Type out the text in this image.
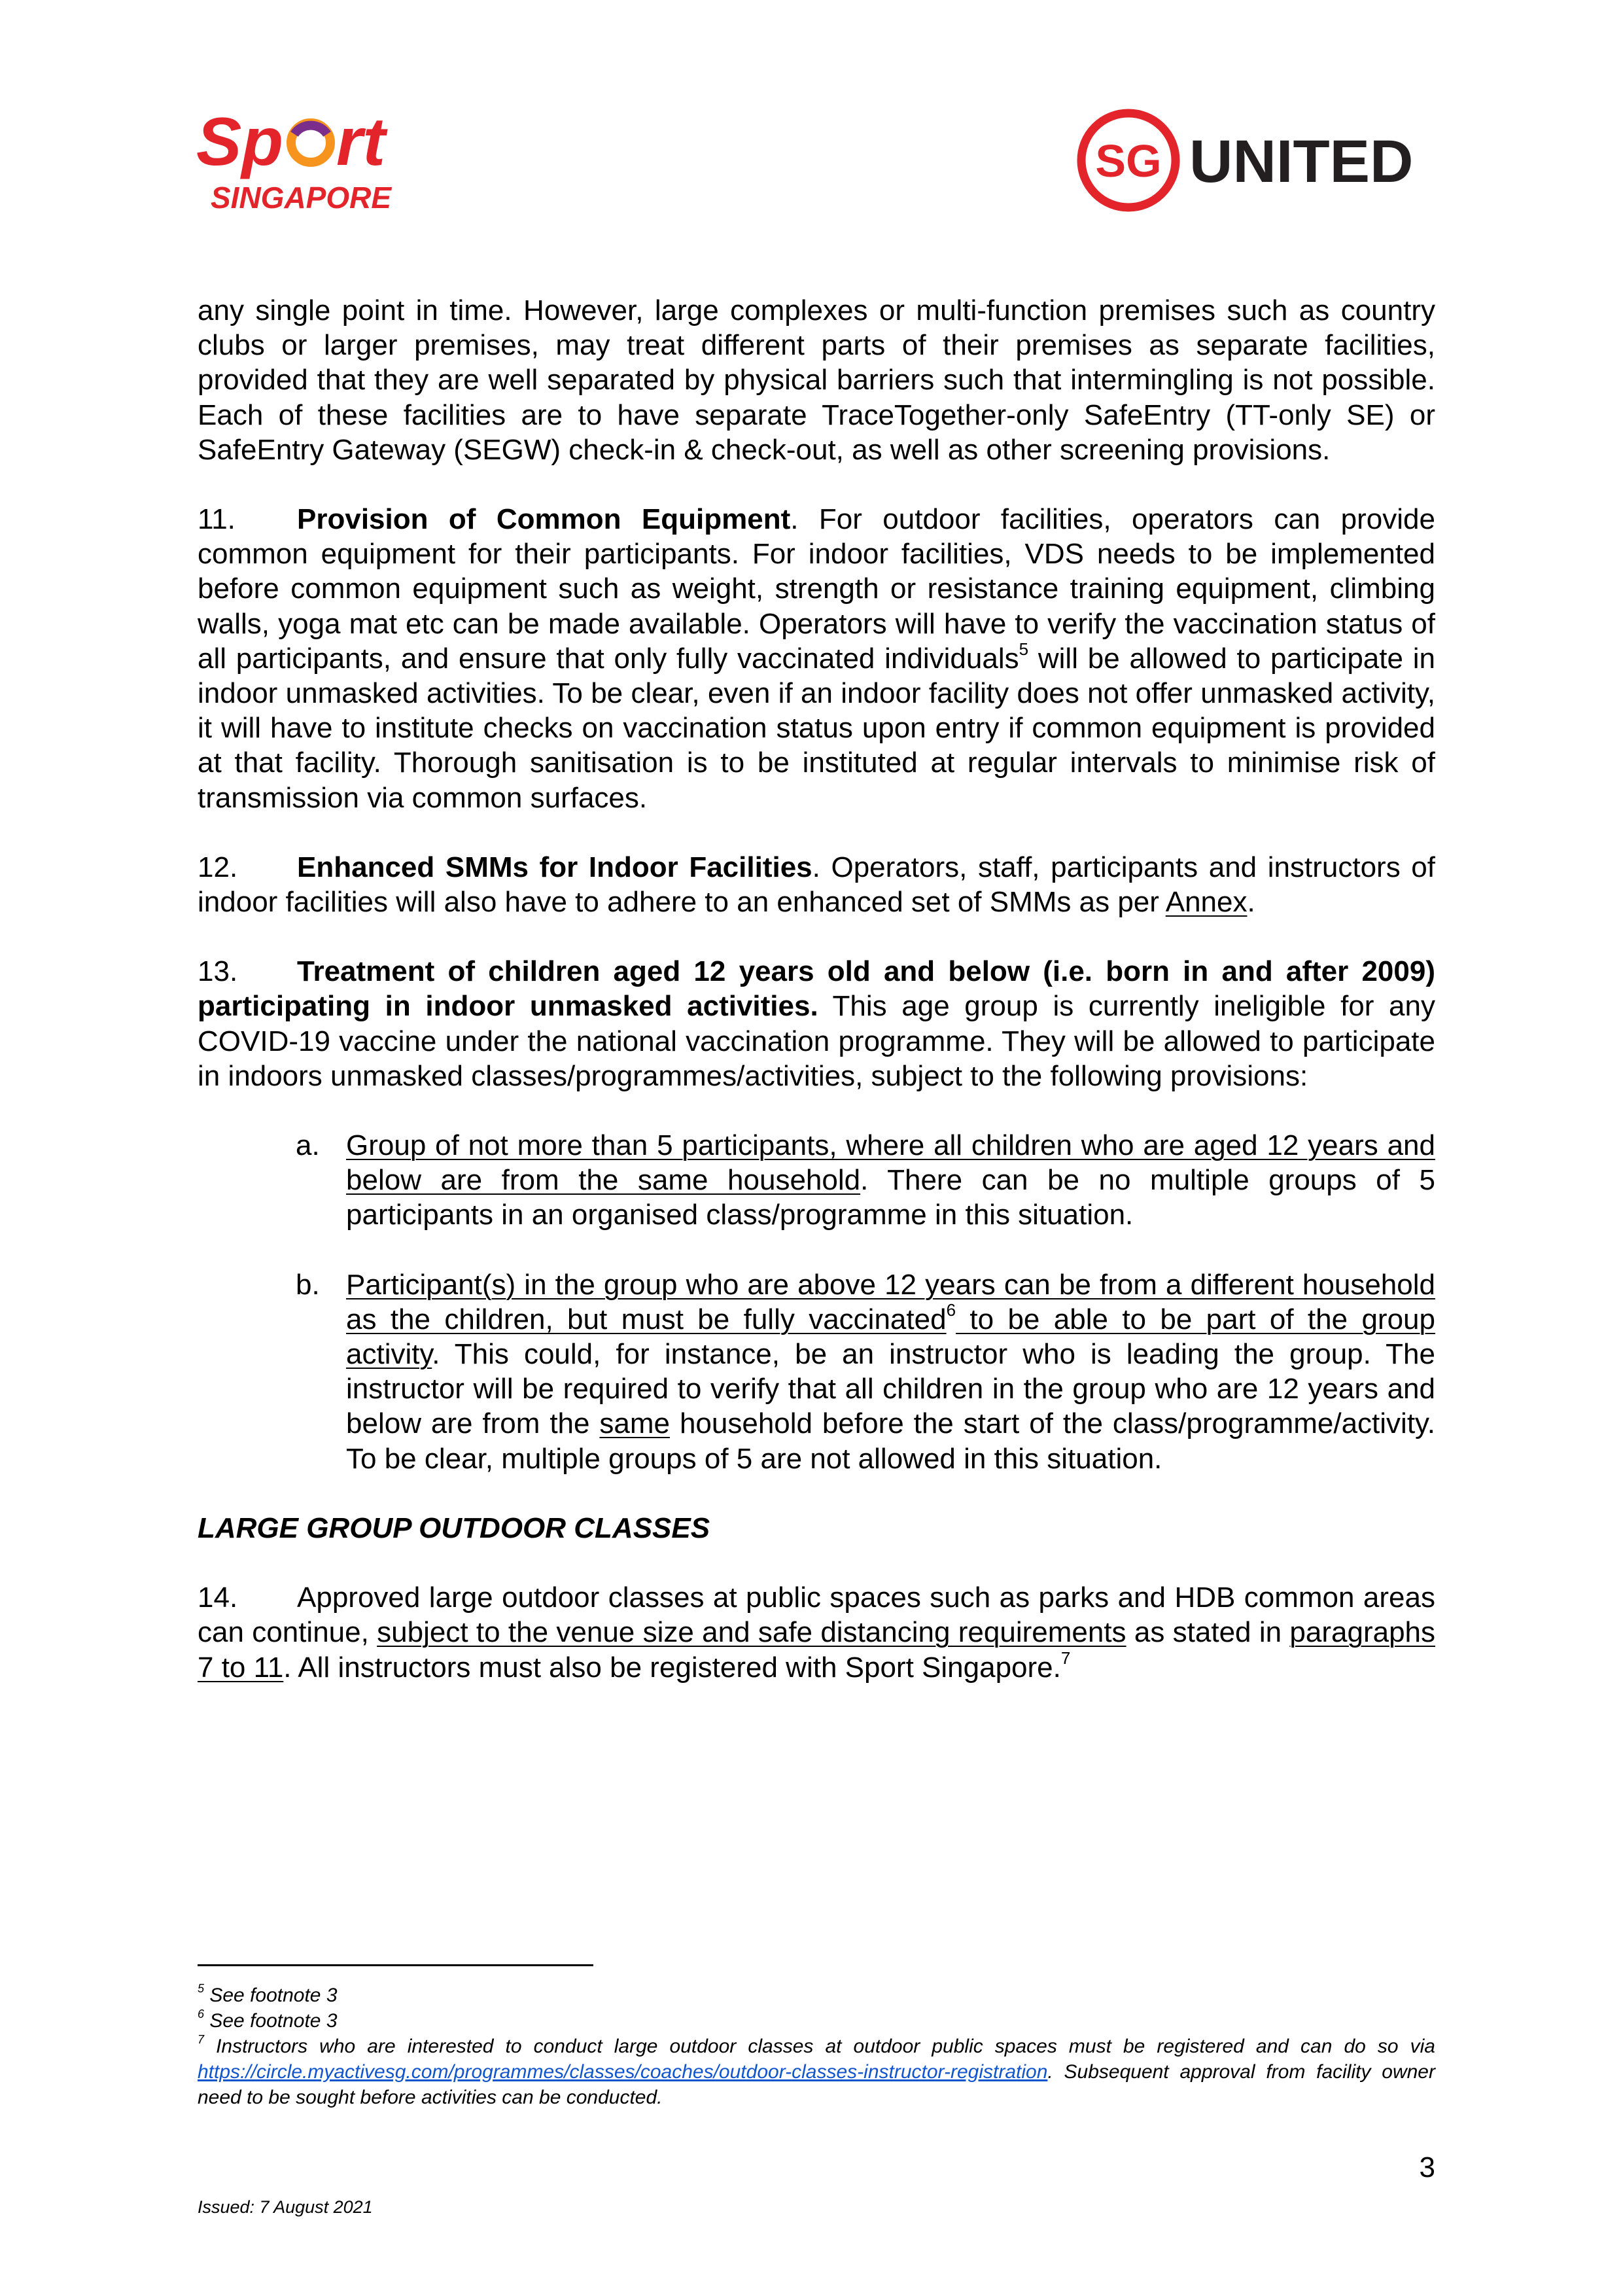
Sp rt
SINGAPORE
SG UNITED

any single point in time. However, large complexes or multi-function premises such as country clubs or larger premises, may treat different parts of their premises as separate facilities, provided that they are well separated by physical barriers such that intermingling is not possible. Each of these facilities are to have separate TraceTogether-only SafeEntry (TT-only SE) or SafeEntry Gateway (SEGW) check-in & check-out, as well as other screening provisions.

11. Provision of Common Equipment. For outdoor facilities, operators can provide common equipment for their participants. For indoor facilities, VDS needs to be implemented before common equipment such as weight, strength or resistance training equipment, climbing walls, yoga mat etc can be made available. Operators will have to verify the vaccination status of all participants, and ensure that only fully vaccinated individuals$^5$ will be allowed to participate in indoor unmasked activities. To be clear, even if an indoor facility does not offer unmasked activity, it will have to institute checks on vaccination status upon entry if common equipment is provided at that facility. Thorough sanitisation is to be instituted at regular intervals to minimise risk of transmission via common surfaces.

12. Enhanced SMMs for Indoor Facilities. Operators, staff, participants and instructors of indoor facilities will also have to adhere to an enhanced set of SMMs as per Annex.

13. Treatment of children aged 12 years old and below (i.e. born in and after 2009) participating in indoor unmasked activities. This age group is currently ineligible for any COVID-19 vaccine under the national vaccination programme. They will be allowed to participate in indoors unmasked classes/programmes/activities, subject to the following provisions:

a. Group of not more than 5 participants, where all children who are aged 12 years and below are from the same household. There can be no multiple groups of 5 participants in an organised class/programme in this situation.

b. Participant(s) in the group who are above 12 years can be from a different household as the children, but must be fully vaccinated$^6$ to be able to be part of the group activity. This could, for instance, be an instructor who is leading the group. The instructor will be required to verify that all children in the group who are 12 years and below are from the same household before the start of the class/programme/activity. To be clear, multiple groups of 5 are not allowed in this situation.

LARGE GROUP OUTDOOR CLASSES

14. Approved large outdoor classes at public spaces such as parks and HDB common areas can continue, subject to the venue size and safe distancing requirements as stated in paragraphs 7 to 11. All instructors must also be registered with Sport Singapore.$^7$

$^5$ See footnote 3

$^6$ See footnote 3

$^7$ Instructors who are interested to conduct large outdoor classes at outdoor public spaces must be registered and can do so via https://circle.myactivesg.com/programmes/classes/coaches/outdoor-classes-instructor-registration. Subsequent approval from facility owner need to be sought before activities can be conducted.

3
Issued: 7 August 2021
